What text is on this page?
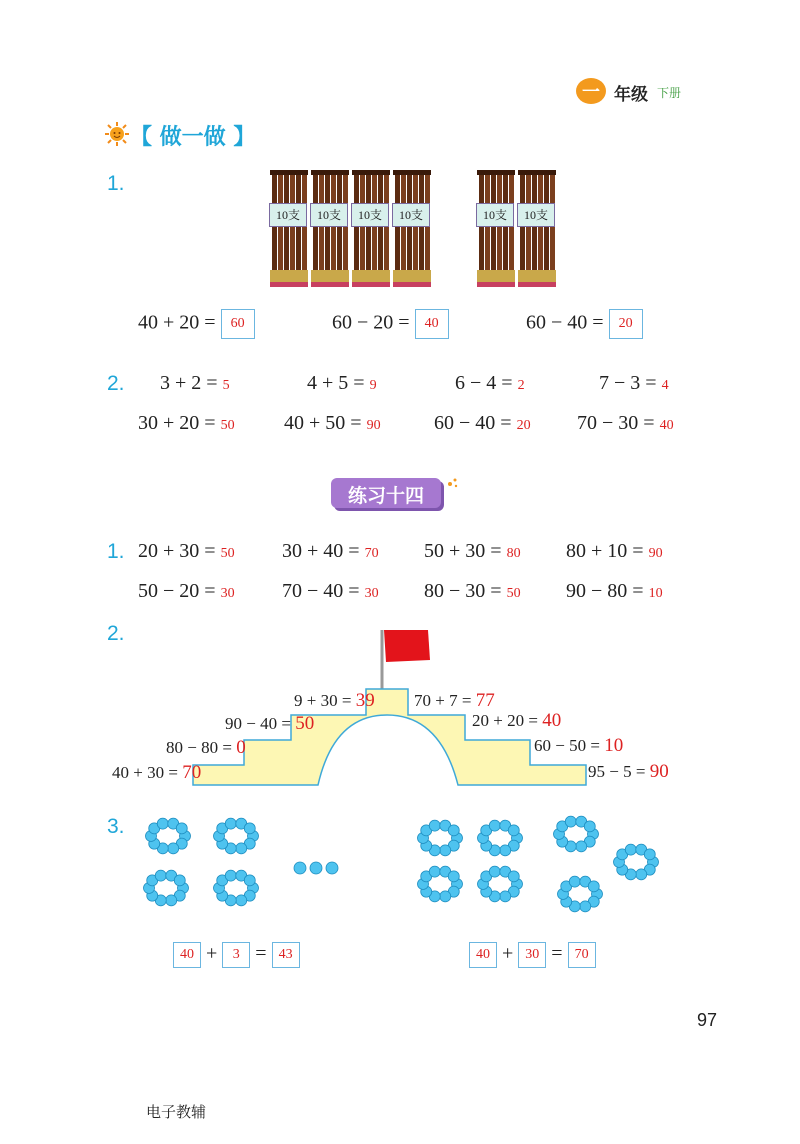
一 年级 下册
【 做一做 】
1.
10支	10支	10支	10支	10支	10支
40 + 20 = 60	60 − 20 = 40	60 − 40 = 20
2. 3 + 2 = 5	4 + 5 = 9	6 − 4 = 2	7 − 3 = 4
30 + 20 = 50 40 + 50 = 90	60 − 40 = 20 70 − 30 = 40
练习十四
1. 20 + 30 = 50 30 + 40 = 70 50 + 30 = 80 80 + 10 = 90
50 − 20 = 30 70 − 40 = 30 80 − 30 = 50 90 − 80 = 10
2.
9 + 30 = 39
90 − 40 = 50
80 − 80 = 0
40 + 30 = 70
70 + 7 = 77
20 + 20 = 40
60 − 50 = 10
95 − 5 = 90
3.
40 + 3 = 43	40 + 30 = 70
97
电子教辅
